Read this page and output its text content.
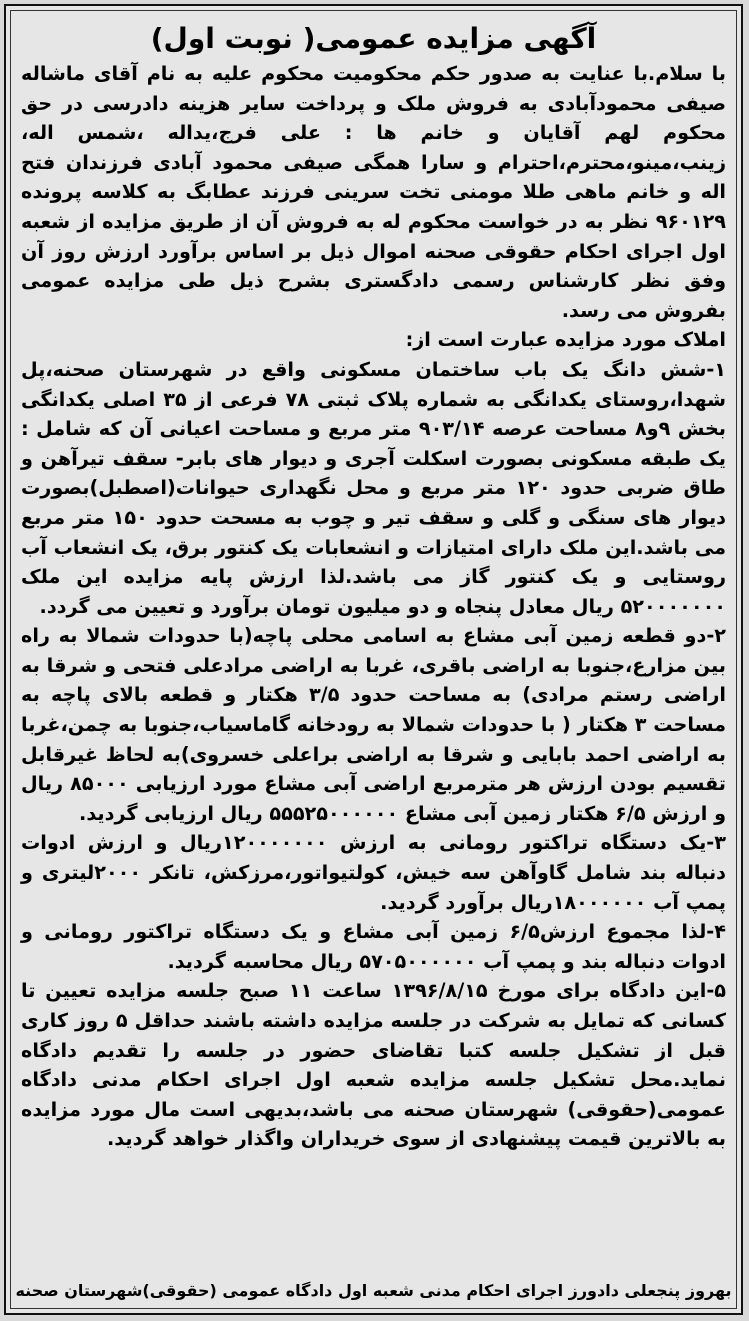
آگهی مزایده عمومی( نوبت اول)

با سلام.با عنایت به صدور حکم محکومیت محکوم علیه به نام آقای ماشاله صیفی محمودآبادی به فروش ملک و پرداخت سایر هزینه دادرسی در حق محکوم لهم آقایان و خانم ها : علی فرج،یداله ،شمس اله، زینب،مینو،محترم،احترام و سارا همگی صیفی محمود آبادی فرزندان فتح اله و خانم ماهی طلا مومنی تخت سرینی فرزند عطابگ به کلاسه پرونده ۹۶۰۱۲۹ نظر به در خواست محکوم له به فروش آن از طریق مزایده از شعبه اول اجرای احکام حقوقی صحنه اموال ذیل بر اساس برآورد ارزش روز آن وفق نظر کارشناس رسمی دادگستری بشرح ذیل طی مزایده عمومی بفروش می رسد.

املاک مورد مزایده عبارت است از:

۱-شش دانگ یک باب ساختمان مسکونی واقع در شهرستان صحنه،پل شهدا،روستای یکدانگی به شماره پلاک ثبتی ۷۸ فرعی از ۳۵ اصلی یکدانگی بخش ۹و۸ مساحت عرصه ۹۰۳/۱۴ متر مربع و مساحت اعیانی آن که شامل : یک طبقه مسکونی بصورت اسکلت آجری و دیوار های بابر- سقف تیرآهن و طاق ضربی حدود ۱۲۰ متر مربع و محل نگهداری حیوانات(اصطبل)بصورت دیوار های سنگی و گلی و سقف تیر و چوب به مسحت حدود ۱۵۰ متر مربع می باشد.این ملک دارای امتیازات و انشعابات یک کنتور برق، یک انشعاب آب روستایی و یک کنتور گاز می باشد.لذا ارزش پایه مزایده این ملک ۵۲۰۰۰۰۰۰۰ ریال معادل پنجاه و دو میلیون تومان برآورد و تعیین می گردد.

۲-دو قطعه زمین آبی مشاع به اسامی محلی پاچه(با حدودات شمالا به راه بین مزارع،جنوبا به اراضی باقری، غربا به اراضی مرادعلی فتحی و شرقا به اراضی رستم مرادی) به مساحت حدود ۳/۵ هکتار و قطعه بالای پاچه به مساحت ۳ هکتار ( با حدودات شمالا به رودخانه گاماسیاب،جنوبا به چمن،غربا به اراضی احمد بابایی و شرقا به اراضی براعلی خسروی)به لحاظ غیرقابل تقسیم بودن ارزش هر مترمربع اراضی آبی مشاع مورد ارزیابی ۸۵۰۰۰ ریال و ارزش ۶/۵ هکتار زمین آبی مشاع ۵۵۵۲۵۰۰۰۰۰۰ ریال ارزیابی گردید.

۳-یک دستگاه تراکتور رومانی به ارزش ۱۲۰۰۰۰۰۰۰ریال و ارزش ادوات دنباله بند شامل گاوآهن سه خیش، کولتیواتور،مرزکش، تانکر ۲۰۰۰لیتری و پمپ آب ۱۸۰۰۰۰۰۰ریال برآورد گردید.

۴-لذا مجموع ارزش۶/۵ زمین آبی مشاع و یک دستگاه تراکتور رومانی و ادوات دنباله بند و پمپ آب ۵۷۰۵۰۰۰۰۰۰ ریال محاسبه گردید.

۵-این دادگاه برای مورخ ۱۳۹۶/۸/۱۵ ساعت ۱۱ صبح جلسه مزایده تعیین تا کسانی که تمایل به شرکت در جلسه مزایده داشته باشند حداقل ۵ روز کاری قبل از تشکیل جلسه کتبا تقاضای حضور در جلسه را تقدیم دادگاه نماید.محل تشکیل جلسه مزایده شعبه اول اجرای احکام مدنی دادگاه عمومی(حقوقی) شهرستان صحنه می باشد،بدیهی است مال مورد مزایده به بالاترین قیمت پیشنهادی از سوی خریداران واگذار خواهد گردید.

بهروز پنجعلی دادورز اجرای احکام مدنی شعبه اول دادگاه عمومی (حقوقی)شهرستان صحنه
